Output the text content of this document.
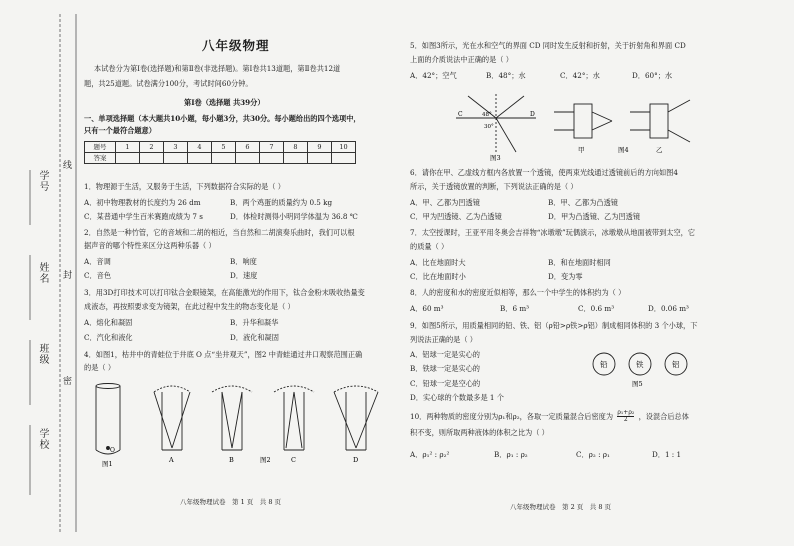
学号
姓名
班级
学校
线
封
密
八年级物理
本试卷分为第Ⅰ卷(选择题)和第Ⅱ卷(非选择题)。第Ⅰ卷共13道题，第Ⅱ卷共12道
题，共25道题。试卷满分100分，考试时间60分钟。
第Ⅰ卷（选择题 共39分）
一、单项选择题（本大题共10小题，每小题3分，共30分。每小题给出的四个选项中，
只有一个最符合题意）
题号	1	2	3	4	5	6	7	8	9	10
答案										
1．物理源于生活，又服务于生活，下列数据符合实际的是（ ）
A．初中物理教材的长度约为 26 dm	B．两个鸡蛋的质量约为 0.5 kg
C．某普通中学生百米赛跑成绩为 7 s	D．体检时测得小明同学体温为 36.8 ℃
2．自然是一种竹管，它的音域和二胡的相近，当自然和二胡演奏乐曲时，我们可以根
据声音的哪个特性来区分这两种乐器（ ）
A．音调	B．响度
C．音色	D．速度
3．用3D打印技术可以打印钛合金眼镜架，在高能激光的作用下，钛合金粉末吸收热量变
成液态，再按照要求变为镜架，在此过程中发生的物态变化是（ ）
A．熔化和凝固	B．升华和凝华
C．汽化和液化	D．液化和凝固
4．如图1，枯井中的青蛙位于井底 O 点“坐井观天”，图2 中青蛙通过井口观察范围正确
的是（ ）
O
图1	A	B	图2	C	D
八年级物理试卷　第 1 页　共 8 页
5．如图3所示，光在水和空气的界面 CD 同时发生反射和折射，关于折射角和界面 CD
上面的介质说法中正确的是（ ）
A．42°；空气	B．48°；水	C．42°；水	D．60°；水
C	D
48°
30°
图3
甲	图4	乙
6．请你在甲、乙虚线方框内各放置一个透镜，使两束光线通过透镜前后的方向如图4
所示，关于透镜放置的判断，下列说法正确的是（ ）
A．甲、乙都为凹透镜	B．甲、乙都为凸透镜
C．甲为凹透镜、乙为凸透镜	D．甲为凸透镜、乙为凹透镜
7．太空授课时，王亚平用冬奥会吉祥物“冰墩墩”玩偶演示，冰墩墩从地面被带到太空，它
的质量（ ）
A．比在地面时大	B．和在地面时相同
C．比在地面时小	D．变为零
8．人的密度和水的密度近似相等，那么一个中学生的体积约为（ ）
A．60 m³	B．6 m³	C．0.6 m³	D．0.06 m³
9．如图5所示，用质量相同的铅、铁、铝（ρ铅>ρ铁>ρ铝）制成相同体积的 3 个小球，下
列说法正确的是（ ）
A．铝球一定是实心的
B．铁球一定是实心的
C．铅球一定是空心的
D．实心球的个数最多是 1 个
铅	铁	铝
图5
10．两种物质的密度分别为ρ₁和ρ₂，各取一定质量混合后密度为 $\frac{\text{ρ₁+ρ₂}}{2}$ ，设混合后总体
积不变，则所取两种液体的体积之比为（ ）
A．ρ₁² : ρ₂²	B．ρ₁ : ρ₂	C．ρ₂ : ρ₁	D．1 : 1
八年级物理试卷　第 2 页　共 8 页
